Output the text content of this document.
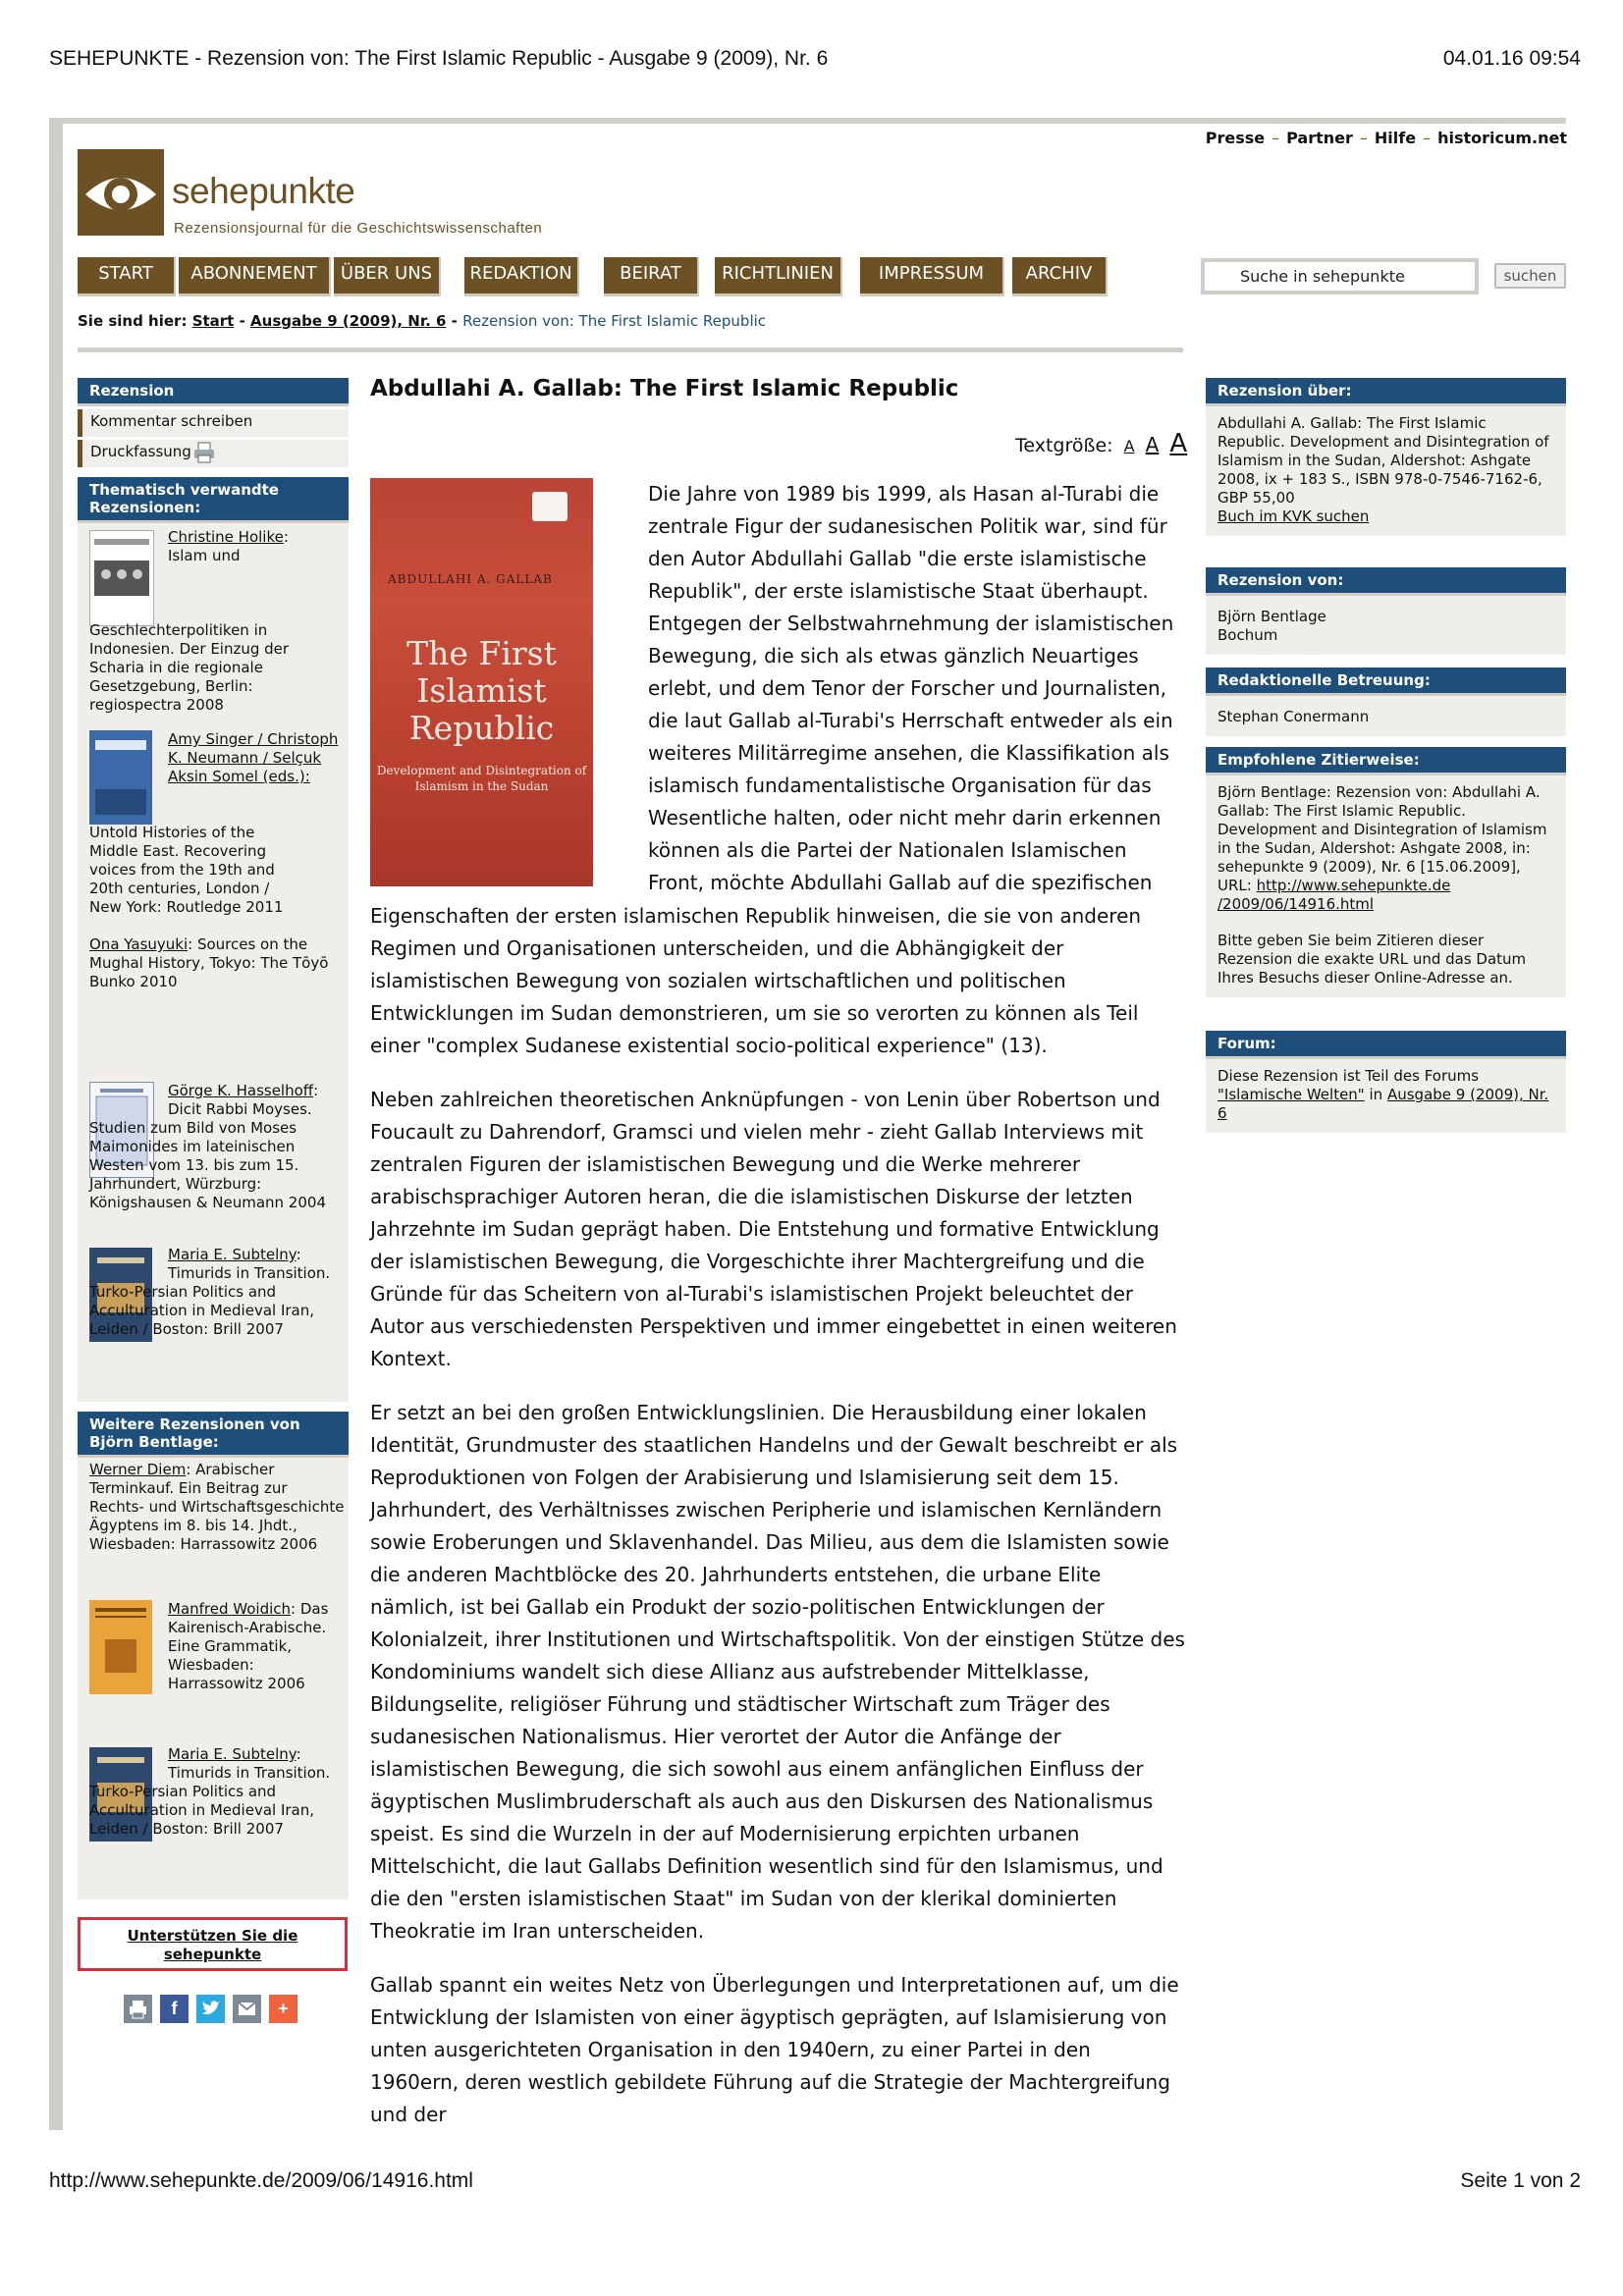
SEHEPUNKTE - Rezension von: The First Islamic Republic - Ausgabe 9 (2009), Nr. 6	04.01.16 09:54
Presse – Partner – Hilfe – historicum.net
sehepunkte
Rezensionsjournal für die Geschichtswissenschaften
START	ABONNEMENT	ÜBER UNS	REDAKTION	BEIRAT	RICHTLINIEN	IMPRESSUM	ARCHIV	Suche in sehepunkte	suchen
Sie sind hier: Start - Ausgabe 9 (2009), Nr. 6 - Rezension von: The First Islamic Republic
Rezension
Kommentar schreiben
Druckfassung
Thematisch verwandte Rezensionen:
Christine Holike:
Islam und
Geschlechterpolitiken in Indonesien. Der Einzug der Scharia in die regionale Gesetzgebung, Berlin: regiospectra 2008
Amy Singer / Christoph K. Neumann / Selçuk Aksin Somel (eds.):

Untold Histories of the Middle East. Recovering voices from the 19th and 20th centuries, London / New York: Routledge 2011
Ona Yasuyuki: Sources on the Mughal History, Tokyo: The Tōyō Bunko 2010
Görge K. Hasselhoff:
Dicit Rabbi Moyses. Studien zum Bild von Moses Maimonides im lateinischen Westen vom 13. bis zum 15. Jahrhundert, Würzburg: Königshausen & Neumann 2004
Maria E. Subtelny:
Timurids in Transition. Turko-Persian Politics and Acculturation in Medieval Iran, Leiden / Boston: Brill 2007
Weitere Rezensionen von Björn Bentlage:
Werner Diem: Arabischer Terminkauf. Ein Beitrag zur Rechts- und Wirtschaftsgeschichte Ägyptens im 8. bis 14. Jhdt., Wiesbaden: Harrassowitz 2006
Manfred Woidich: Das Kairenisch-Arabische. Eine Grammatik, Wiesbaden: Harrassowitz 2006
Maria E. Subtelny:
Timurids in Transition. Turko-Persian Politics and Acculturation in Medieval Iran, Leiden / Boston: Brill 2007
Unterstützen Sie die sehepunkte
f	+
Abdullahi A. Gallab: The First Islamic Republic
Textgröße: A A A
ABDULLAHI A. GALLAB
The First Islamist Republic
Development and Disintegration of Islamism in the Sudan
Die Jahre von 1989 bis 1999, als Hasan al-Turabi die zentrale Figur der sudanesischen Politik war, sind für den Autor Abdullahi Gallab "die erste islamistische Republik", der erste islamistische Staat überhaupt. Entgegen der Selbstwahrnehmung der islamistischen Bewegung, die sich als etwas gänzlich Neuartiges erlebt, und dem Tenor der Forscher und Journalisten, die laut Gallab al-Turabi's Herrschaft entweder als ein weiteres Militärregime ansehen, die Klassifikation als islamisch fundamentalistische Organisation für das Wesentliche halten, oder nicht mehr darin erkennen können als die Partei der Nationalen Islamischen Front, möchte Abdullahi Gallab auf die spezifischen

Eigenschaften der ersten islamischen Republik hinweisen, die sie von anderen Regimen und Organisationen unterscheiden, und die Abhängigkeit der islamistischen Bewegung von sozialen wirtschaftlichen und politischen Entwicklungen im Sudan demonstrieren, um sie so verorten zu können als Teil einer "complex Sudanese existential socio-political experience" (13).

Neben zahlreichen theoretischen Anknüpfungen - von Lenin über Robertson und Foucault zu Dahrendorf, Gramsci und vielen mehr - zieht Gallab Interviews mit zentralen Figuren der islamistischen Bewegung und die Werke mehrerer arabischsprachiger Autoren heran, die die islamistischen Diskurse der letzten Jahrzehnte im Sudan geprägt haben. Die Entstehung und formative Entwicklung der islamistischen Bewegung, die Vorgeschichte ihrer Machtergreifung und die Gründe für das Scheitern von al-Turabi's islamistischen Projekt beleuchtet der Autor aus verschiedensten Perspektiven und immer eingebettet in einen weiteren Kontext.

Er setzt an bei den großen Entwicklungslinien. Die Herausbildung einer lokalen Identität, Grundmuster des staatlichen Handelns und der Gewalt beschreibt er als Reproduktionen von Folgen der Arabisierung und Islamisierung seit dem 15. Jahrhundert, des Verhältnisses zwischen Peripherie und islamischen Kernländern sowie Eroberungen und Sklavenhandel. Das Milieu, aus dem die Islamisten sowie die anderen Machtblöcke des 20. Jahrhunderts entstehen, die urbane Elite nämlich, ist bei Gallab ein Produkt der sozio-politischen Entwicklungen der Kolonialzeit, ihrer Institutionen und Wirtschaftspolitik. Von der einstigen Stütze des Kondominiums wandelt sich diese Allianz aus aufstrebender Mittelklasse, Bildungselite, religiöser Führung und städtischer Wirtschaft zum Träger des sudanesischen Nationalismus. Hier verortet der Autor die Anfänge der islamistischen Bewegung, die sich sowohl aus einem anfänglichen Einfluss der ägyptischen Muslimbruderschaft als auch aus den Diskursen des Nationalismus speist. Es sind die Wurzeln in der auf Modernisierung erpichten urbanen Mittelschicht, die laut Gallabs Definition wesentlich sind für den Islamismus, und die den "ersten islamistischen Staat" im Sudan von der klerikal dominierten Theokratie im Iran unterscheiden.

Gallab spannt ein weites Netz von Überlegungen und Interpretationen auf, um die Entwicklung der Islamisten von einer ägyptisch geprägten, auf Islamisierung von unten ausgerichteten Organisation in den 1940ern, zu einer Partei in den 1960ern, deren westlich gebildete Führung auf die Strategie der Machtergreifung und der

Rezension über:
Abdullahi A. Gallab: The First Islamic Republic. Development and Disintegration of Islamism in the Sudan, Aldershot: Ashgate 2008, ix + 183 S., ISBN 978-0-7546-7162-6, GBP 55,00
Buch im KVK suchen
Rezension von:
Björn Bentlage
Bochum
Redaktionelle Betreuung:
Stephan Conermann
Empfohlene Zitierweise:
Björn Bentlage: Rezension von: Abdullahi A. Gallab: The First Islamic Republic. Development and Disintegration of Islamism in the Sudan, Aldershot: Ashgate 2008, in: sehepunkte 9 (2009), Nr. 6 [15.06.2009], URL: http://www.sehepunkte.de /2009/06/14916.html
Bitte geben Sie beim Zitieren dieser Rezension die exakte URL und das Datum Ihres Besuchs dieser Online-Adresse an.
Forum:
Diese Rezension ist Teil des Forums "Islamische Welten" in Ausgabe 9 (2009), Nr. 6
http://www.sehepunkte.de/2009/06/14916.html	Seite 1 von 2
